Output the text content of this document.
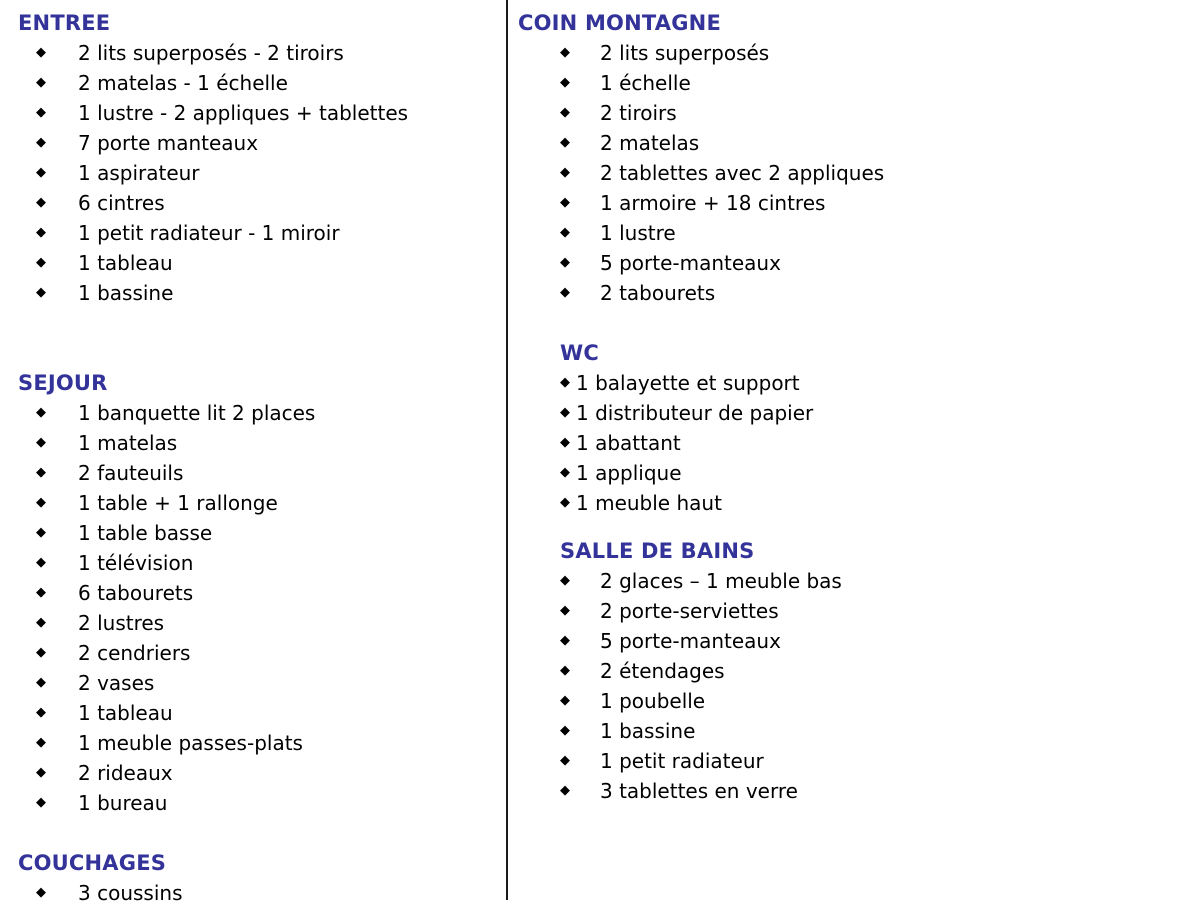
ENTREE
◆ 2 lits superposés - 2 tiroirs
◆ 2 matelas - 1 échelle
◆ 1 lustre - 2 appliques + tablettes
◆ 7 porte manteaux
◆ 1 aspirateur
◆ 6 cintres
◆ 1 petit radiateur - 1 miroir
◆ 1 tableau
◆ 1 bassine
SEJOUR
◆ 1 banquette lit 2 places
◆ 1 matelas
◆ 2 fauteuils
◆ 1 table + 1 rallonge
◆ 1 table basse
◆ 1 télévision
◆ 6 tabourets
◆ 2 lustres
◆ 2 cendriers
◆ 2 vases
◆ 1 tableau
◆ 1 meuble passes-plats
◆ 2 rideaux
◆ 1 bureau
COUCHAGES
◆ 3 coussins
COIN MONTAGNE
◆ 2 lits superposés
◆ 1 échelle
◆ 2 tiroirs
◆ 2 matelas
◆ 2 tablettes avec 2 appliques
◆ 1 armoire + 18 cintres
◆ 1 lustre
◆ 5 porte-manteaux
◆ 2 tabourets
WC
◆ 1 balayette et support
◆ 1 distributeur de papier
◆ 1 abattant
◆ 1 applique
◆ 1 meuble haut
SALLE DE BAINS
◆ 2 glaces – 1 meuble bas
◆ 2 porte-serviettes
◆ 5 porte-manteaux
◆ 2 étendages
◆ 1 poubelle
◆ 1 bassine
◆ 1 petit radiateur
◆ 3 tablettes en verre
